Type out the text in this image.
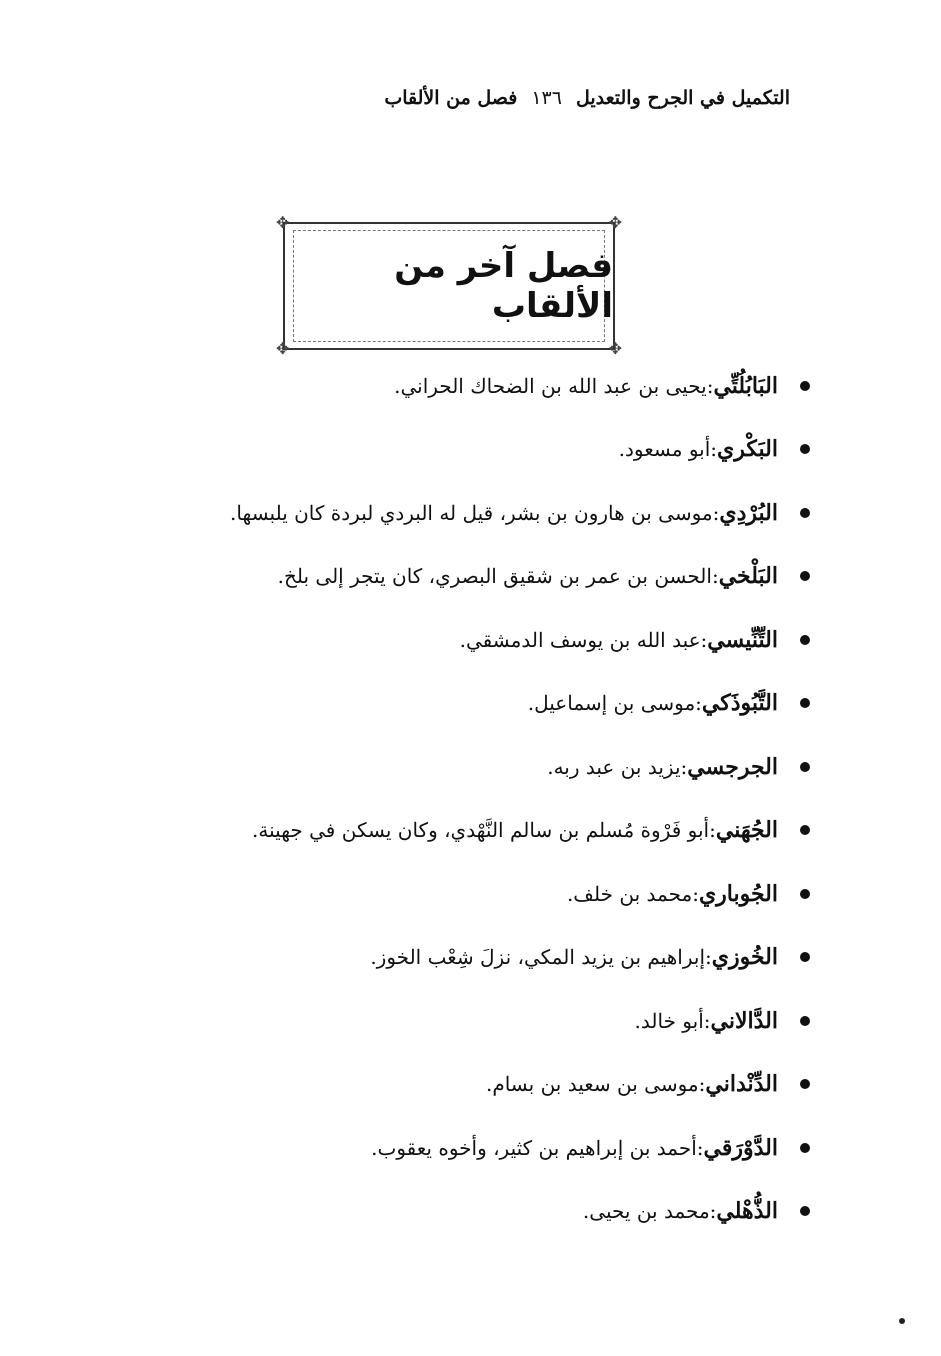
التكميل في الجرح والتعديل
١٣٦
فصل من الألقاب
✥	✥
✥	✥
فصل آخر من الألقاب
البَابُلُتِّي
:
يحيى بن عبد الله بن الضحاك الحراني.
البَكْري
:
أبو مسعود.
البُرْدِي
:
موسى بن هارون بن بشر، قيل له البردي لبردة كان يلبسها.
البَلْخي
:
الحسن بن عمر بن شقيق البصري، كان يتجر إلى بلخ.
التِّنِّيسي
:
عبد الله بن يوسف الدمشقي.
التَّبُوذَكي
:
موسى بن إسماعيل.
الجرجسي
:
يزيد بن عبد ربه.
الجُهَني
:
أبو فَرْوة مُسلم بن سالم النَّهْدي، وكان يسكن في جهينة.
الجُوباري
:
محمد بن خلف.
الخُوزي
:
إبراهيم بن يزيد المكي، نزلَ شِعْب الخوز.
الدَّالاني
:
أبو خالد.
الدِّنْداني
:
موسى بن سعيد بن بسام.
الدَّوْرَقي
:
أحمد بن إبراهيم بن كثير، وأخوه يعقوب.
الذُّهْلي
:
محمد بن يحيى.
